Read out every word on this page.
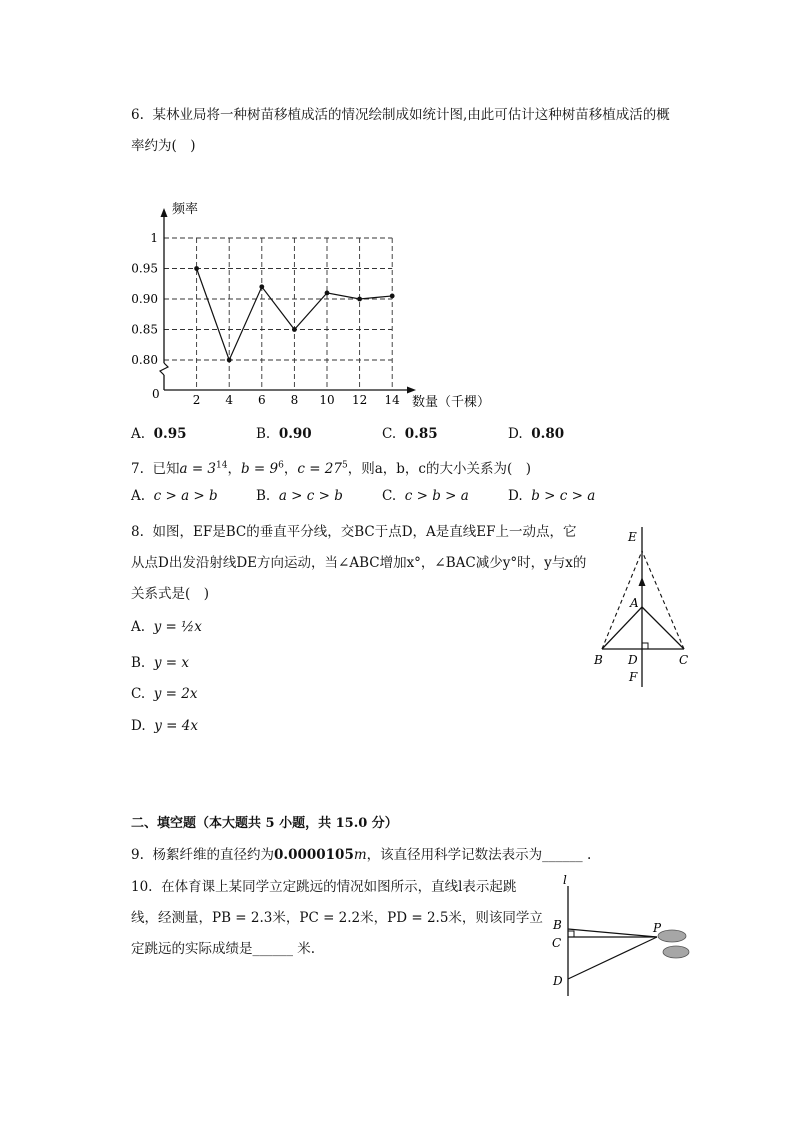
6. 某林业局将一种树苗移植成活的情况绘制成如统计图,由此可估计这种树苗移植成活的概
率约为(　)
1
0.95
0.90
0.85
0.80
2 4 6 8 10 12 14
频率
数量（千棵）
0
A. 0.95	B. 0.90	C. 0.85	D. 0.80
7. 已知$a = 3^{14}$，$b = 9^6$，$c = 27^5$，则a，b，c的大小关系为(　)
A. c > a > b	B. a > c > b	C. c > b > a	D. b > c > a
8. 如图，EF是BC的垂直平分线，交BC于点D，A是直线EF上一动点，它
从点D出发沿射线DE方向运动，当∠ABC增加x°，∠BAC减少y°时，y与x的
关系式是(　)
A. y = ½x
B. y = x
C. y = 2x
D. y = 4x
E
A
B D	C
F
二、填空题（本大题共 5 小题，共 15.0 分）
9. 杨絮纤维的直径约为0.0000105m，该直径用科学记数法表示为______ .
10. 在体育课上某同学立定跳远的情况如图所示，直线l表示起跳
线，经测量，PB = 2.3米，PC = 2.2米，PD = 2.5米，则该同学立
定跳远的实际成绩是______ 米.
l
B
C
D
P
